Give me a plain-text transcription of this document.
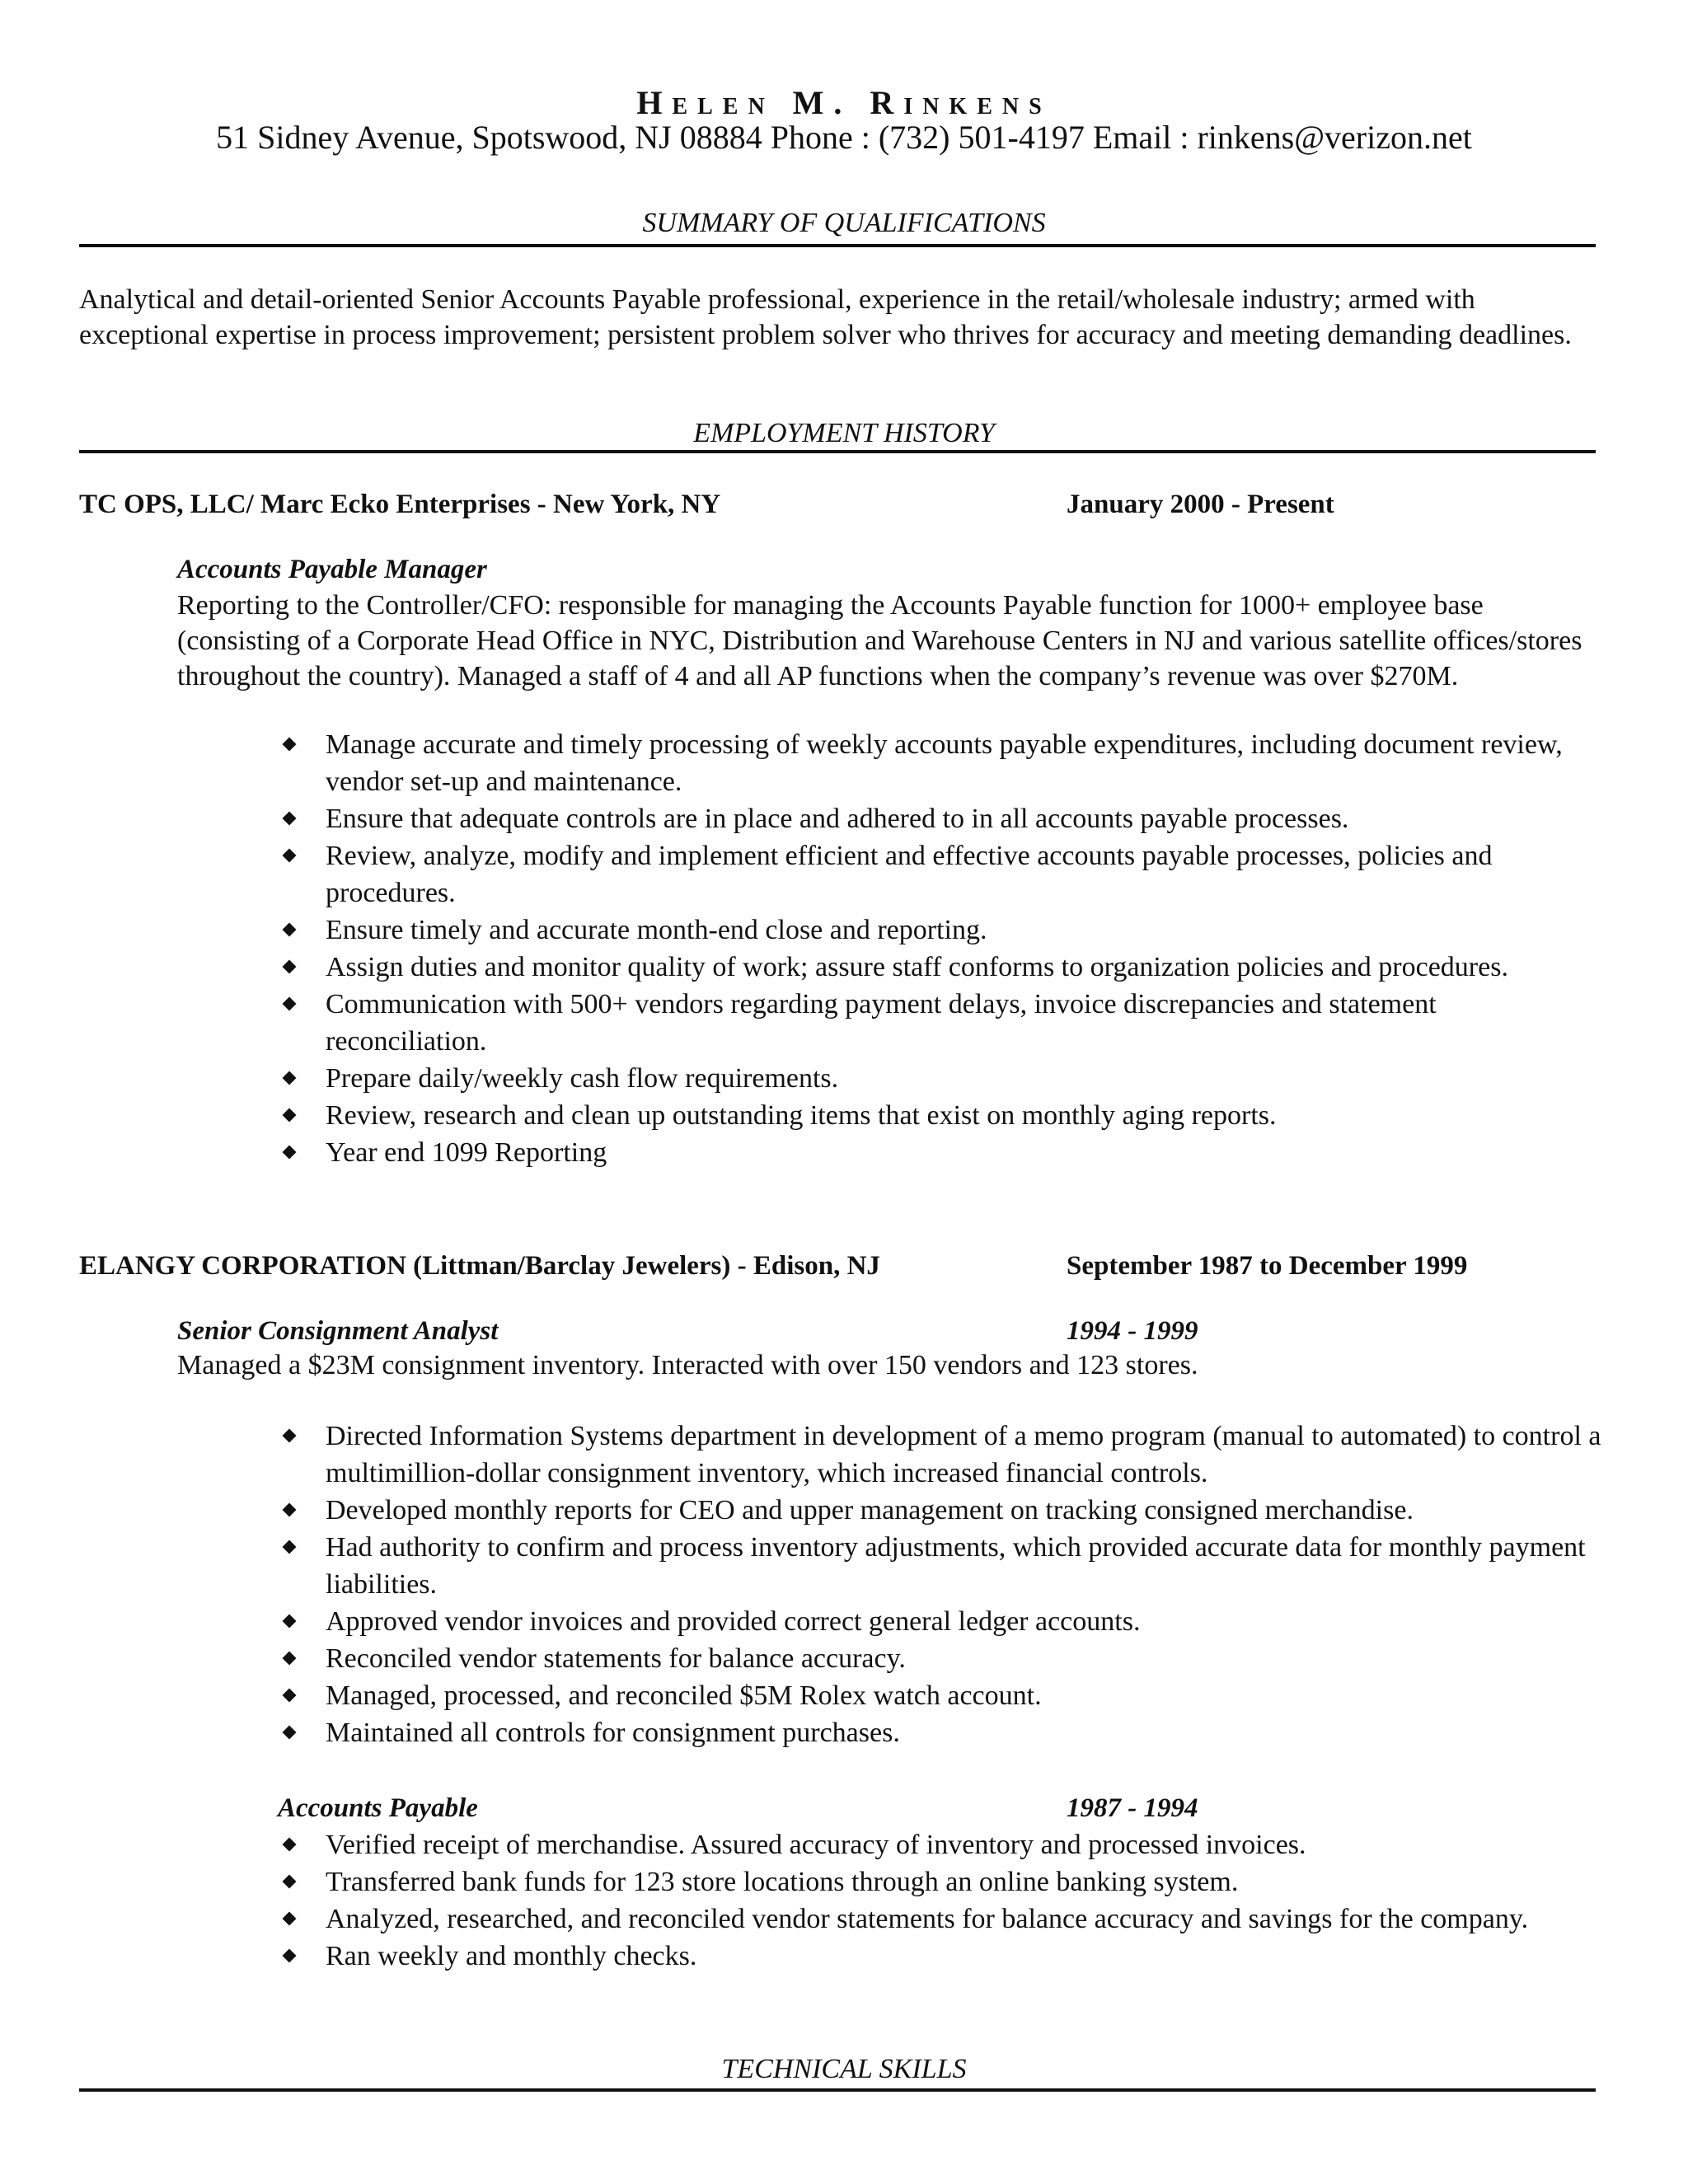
Helen M. Rinkens
51 Sidney Avenue, Spotswood, NJ 08884 Phone : (732) 501-4197 Email : rinkens@verizon.net
SUMMARY OF QUALIFICATIONS
Analytical and detail-oriented Senior Accounts Payable professional, experience in the retail/wholesale industry; armed with exceptional expertise in process improvement; persistent problem solver who thrives for accuracy and meeting demanding deadlines.
EMPLOYMENT HISTORY
TC OPS, LLC/ Marc Ecko Enterprises - New York, NY	January 2000 - Present
Accounts Payable Manager
Reporting to the Controller/CFO: responsible for managing the Accounts Payable function for 1000+ employee base (consisting of a Corporate Head Office in NYC, Distribution and Warehouse Centers in NJ and various satellite offices/stores throughout the country). Managed a staff of 4 and all AP functions when the company’s revenue was over $270M.
Manage accurate and timely processing of weekly accounts payable expenditures, including document review, vendor set-up and maintenance.
Ensure that adequate controls are in place and adhered to in all accounts payable processes.
Review, analyze, modify and implement efficient and effective accounts payable processes, policies and procedures.
Ensure timely and accurate month-end close and reporting.
Assign duties and monitor quality of work; assure staff conforms to organization policies and procedures.
Communication with 500+ vendors regarding payment delays, invoice discrepancies and statement reconciliation.
Prepare daily/weekly cash flow requirements.
Review, research and clean up outstanding items that exist on monthly aging reports.
Year end 1099 Reporting
ELANGY CORPORATION (Littman/Barclay Jewelers) - Edison, NJ	September 1987 to December 1999
Senior Consignment Analyst	1994 - 1999
Managed a $23M consignment inventory. Interacted with over 150 vendors and 123 stores.
Directed Information Systems department in development of a memo program (manual to automated) to control a multimillion-dollar consignment inventory, which increased financial controls.
Developed monthly reports for CEO and upper management on tracking consigned merchandise.
Had authority to confirm and process inventory adjustments, which provided accurate data for monthly payment liabilities.
Approved vendor invoices and provided correct general ledger accounts.
Reconciled vendor statements for balance accuracy.
Managed, processed, and reconciled $5M Rolex watch account.
Maintained all controls for consignment purchases.
Accounts Payable	1987 - 1994
Verified receipt of merchandise. Assured accuracy of inventory and processed invoices.
Transferred bank funds for 123 store locations through an online banking system.
Analyzed, researched, and reconciled vendor statements for balance accuracy and savings for the company.
Ran weekly and monthly checks.
TECHNICAL SKILLS
